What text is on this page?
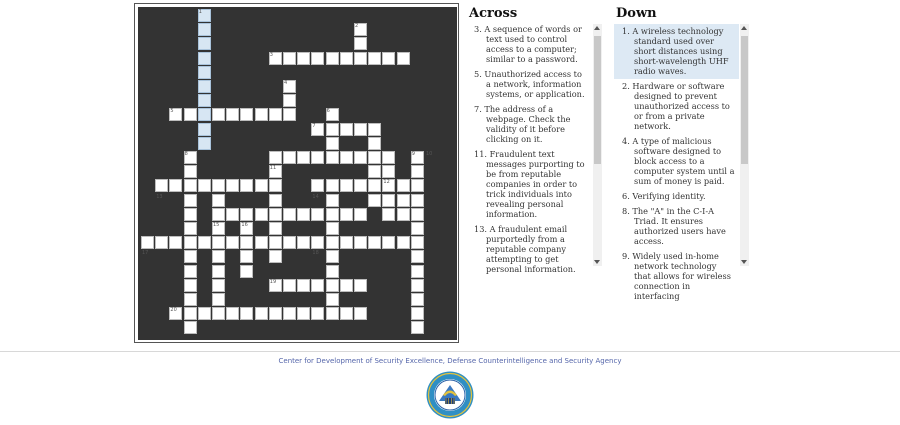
1
2
3
4
5	6
7
8	9 10
11
12
13	14
15	16
17	18
19
20
Across

3. A sequence of words or text used to control access to a computer; similar to a password.

5. Unauthorized access to a network, information systems, or application.

7. The address of a webpage. Check the validity of it before clicking on it.

11. Fraudulent text messages purporting to be from reputable companies in order to trick individuals into revealing personal information.

13. A fraudulent email purportedly from a reputable company attempting to get personal information.

Down

1. A wireless technology standard used over short distances using short-wavelength UHF radio waves.

2. Hardware or software designed to prevent unauthorized access to or from a private network.

4. A type of malicious software designed to block access to a computer system until a sum of money is paid.

6. Verifying identity.

8. The "A" in the C-I-A Triad. It ensures authorized users have access.

9. Widely used in-home network technology that allows for wireless connection in interfacing

Center for Development of Security Excellence, Defense Counterintelligence and Security Agency
